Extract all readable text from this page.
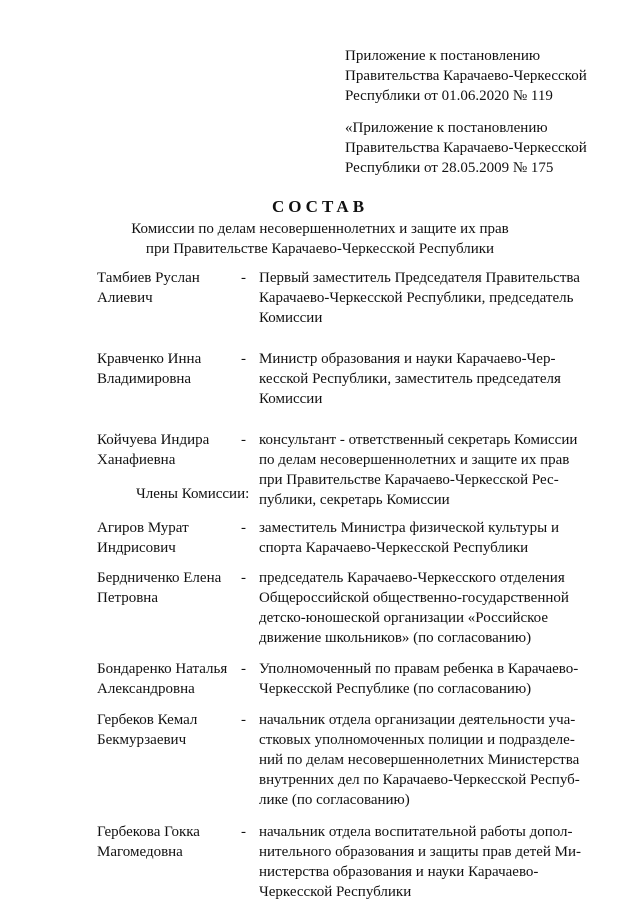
Приложение к постановлению
Правительства Карачаево-Черкесской
Республики от 01.06.2020 № 119
«Приложение к постановлению
Правительства Карачаево-Черкесской
Республики от 28.05.2009 № 175
СОСТАВ
Комиссии по делам несовершеннолетних и защите их прав
при Правительстве Карачаево-Черкесской Республики
Тамбиев Руслан
Алиевич
- Первый заместитель Председателя Правительства
Карачаево-Черкесской Республики, председатель
Комиссии
Кравченко Инна
Владимировна
- Министр образования и науки Карачаево-Чер-
кесской Республики, заместитель председателя
Комиссии
Койчуева Индира
Ханафиевна
- консультант - ответственный секретарь Комиссии
по делам несовершеннолетних и защите их прав
при Правительстве Карачаево-Черкесской Рес-
публики, секретарь Комиссии
Члены Комиссии:
Агиров Мурат
Индрисович
- заместитель Министра физической культуры и
спорта Карачаево-Черкесской Республики
Бердниченко Елена
Петровна
- председатель Карачаево-Черкесского отделения
Общероссийской общественно-государственной
детско-юношеской организации «Российское
движение школьников» (по согласованию)
Бондаренко Наталья
Александровна
- Уполномоченный по правам ребенка в Карачаево-
Черкесской Республике (по согласованию)
Гербеков Кемал
Бекмурзаевич
- начальник отдела организации деятельности уча-
стковых уполномоченных полиции и подразделе-
ний по делам несовершеннолетних Министерства
внутренних дел по Карачаево-Черкесской Респуб-
лике (по согласованию)
Гербекова Гокка
Магомедовна
- начальник отдела воспитательной работы допол-
нительного образования и защиты прав детей Ми-
нистерства образования и науки Карачаево-
Черкесской Республики
